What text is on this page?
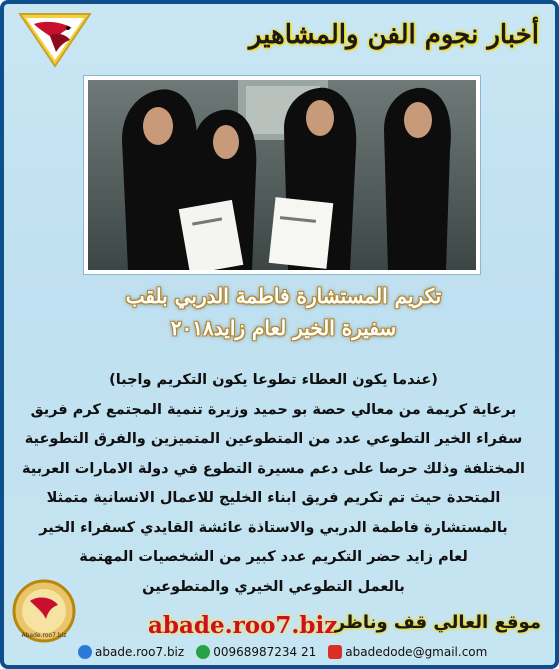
أخبار نجوم الفن والمشاهير
تكريم المستشارة فاطمة الدربي بلقب
سفيرة الخير لعام زايد٢٠١٨

(عندما يكون العطاء تطوعا يكون التكريم واجبا)

برعاية كريمة من معالي حصة بو حميد وزيرة تنمية المجتمع كرم فريق

سفراء الخير التطوعي عدد من المتطوعين المتميزين والفرق التطوعية

المختلفة وذلك حرصا على دعم مسيرة التطوع في دولة الامارات العربية

المتحدة حيث تم تكريم فريق ابناء الخليج للاعمال الانسانية متمثلا

بالمستشارة فاطمة الدربي والاستاذة عائشة القايدي كسفراء الخير

لعام زايد حضر التكريم عدد كبير من الشخصيات المهتمة

بالعمل التطوعي الخيري والمتطوعين

Abade.roo7.biz	abade.roo7.biz
موقع العالي قف وناظر
abade.roo7.biz 00968987234 21 abadedode@gmail.com
